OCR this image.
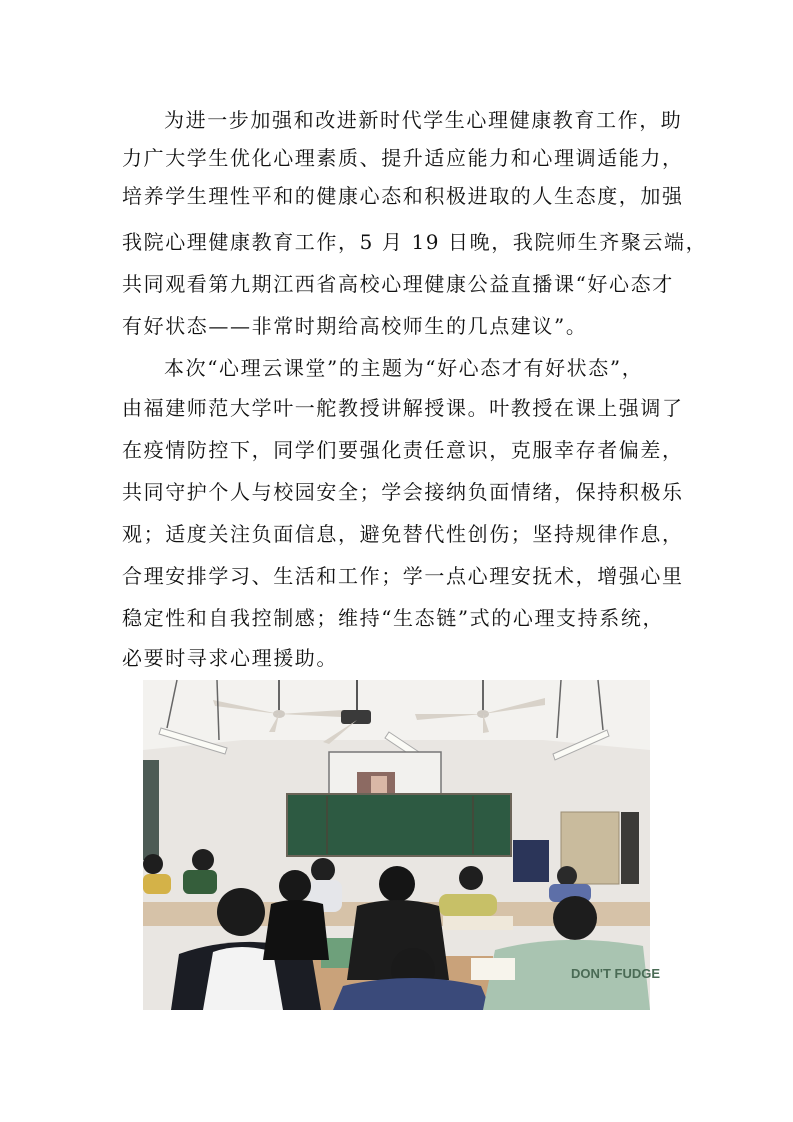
为进一步加强和改进新时代学生心理健康教育工作，助
力广大学生优化心理素质、提升适应能力和心理调适能力，
培养学生理性平和的健康心态和积极进取的人生态度，加强
我院心理健康教育工作，5 月 19 日晚，我院师生齐聚云端，
共同观看第九期江西省高校心理健康公益直播课“好心态才
有好状态——非常时期给高校师生的几点建议”。
本次“心理云课堂”的主题为“好心态才有好状态”，
由福建师范大学叶一舵教授讲解授课。叶教授在课上强调了
在疫情防控下，同学们要强化责任意识，克服幸存者偏差，
共同守护个人与校园安全；学会接纳负面情绪，保持积极乐
观；适度关注负面信息，避免替代性创伤；坚持规律作息，
合理安排学习、生活和工作；学一点心理安抚术，增强心里
稳定性和自我控制感；维持“生态链”式的心理支持系统，
必要时寻求心理援助。
DON'T FUDGE
